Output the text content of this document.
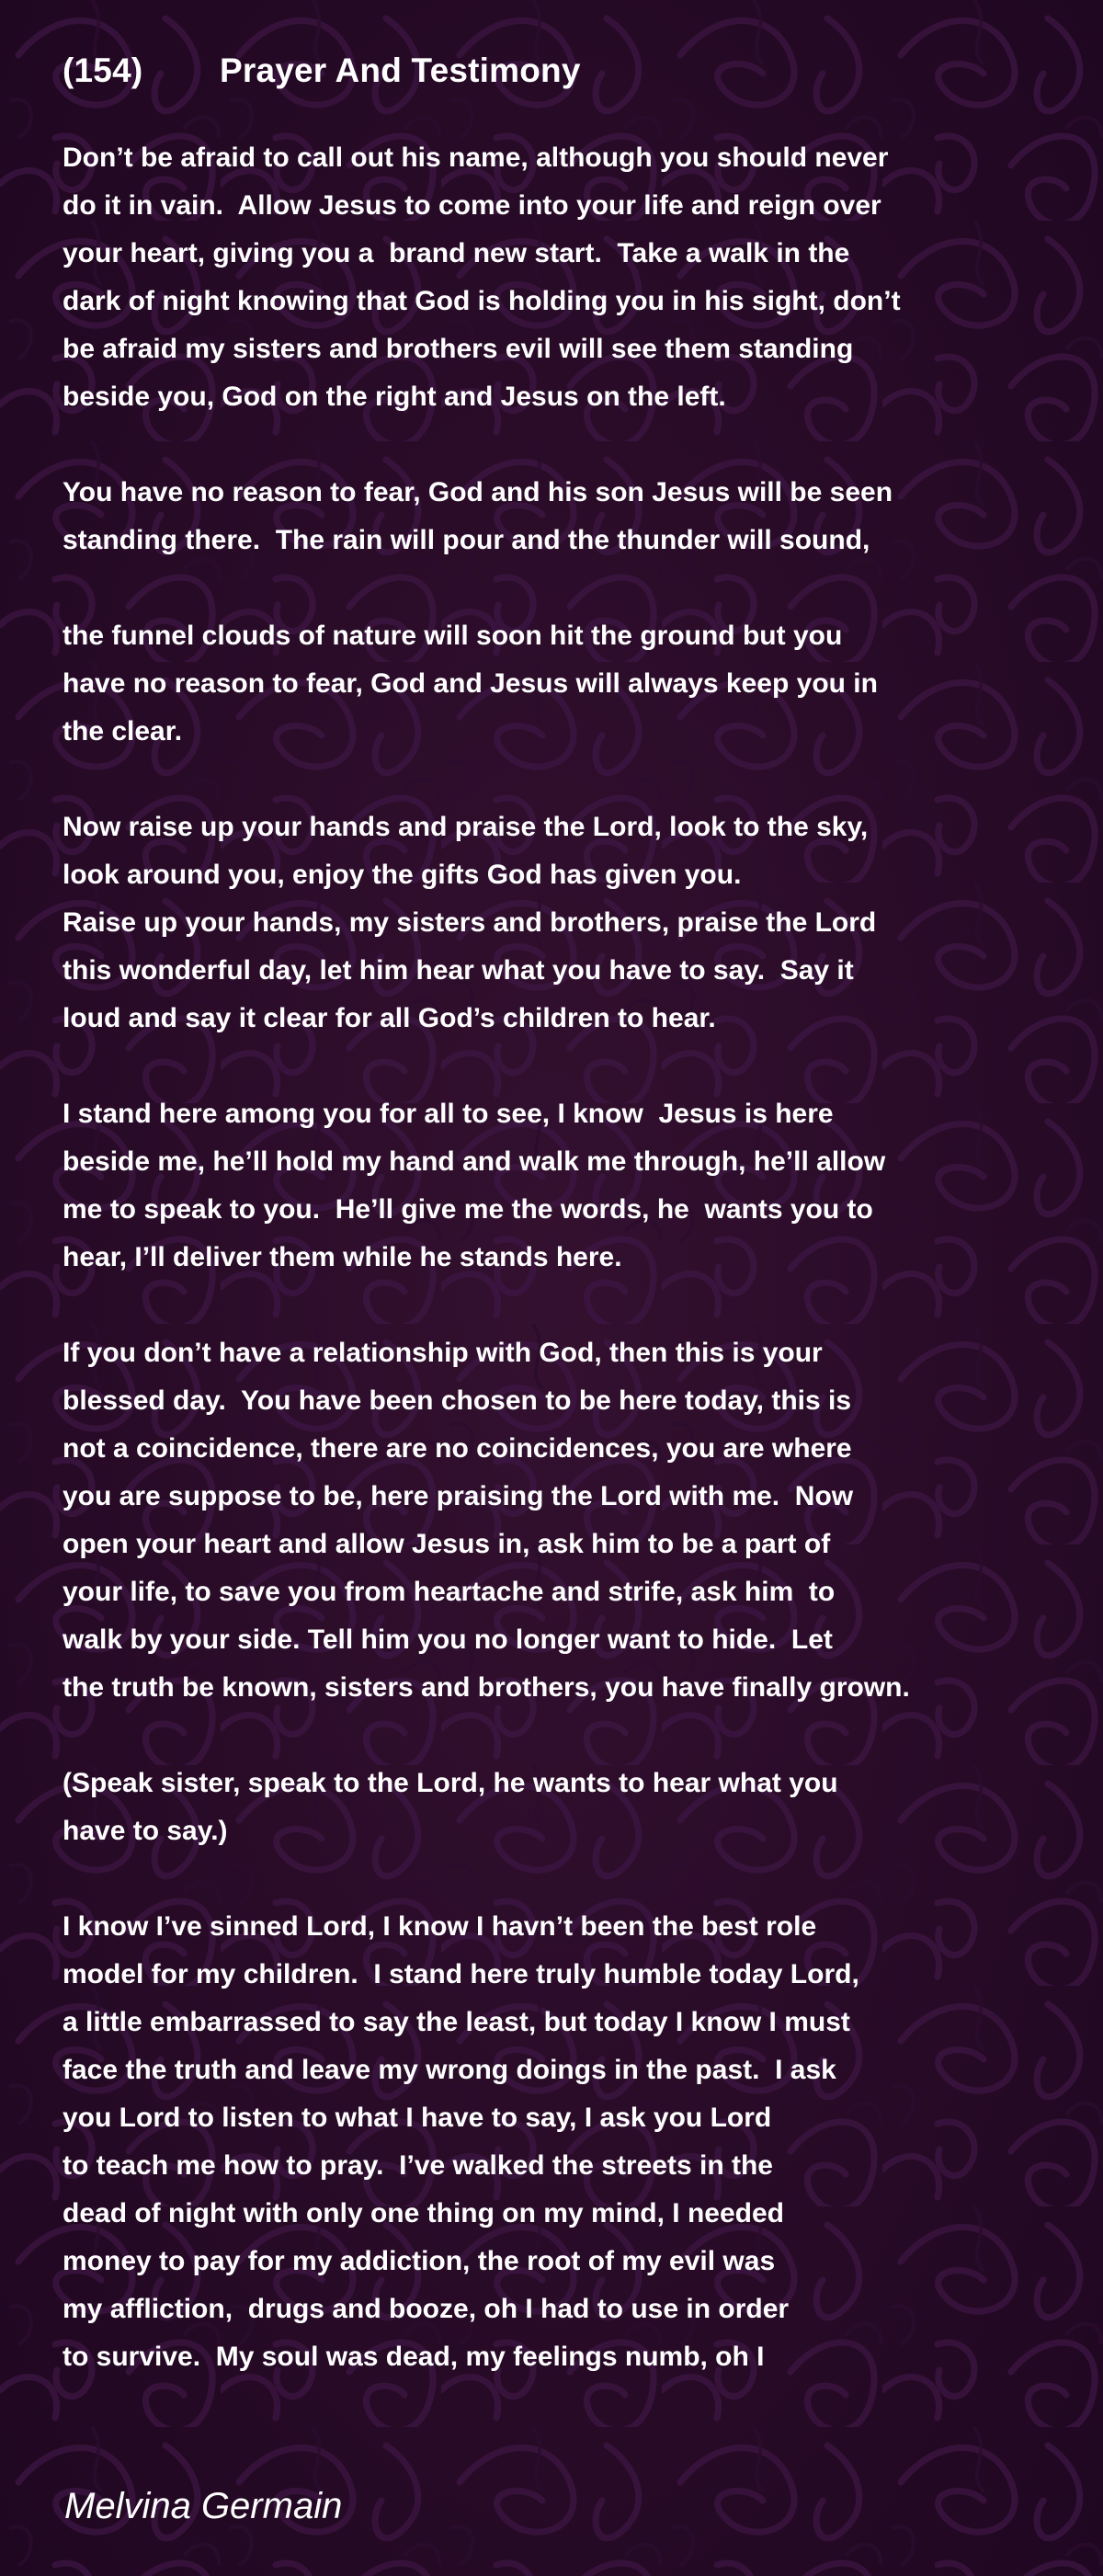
(154) Prayer And Testimony
Don’t be afraid to call out his name, although you should never
do it in vain.  Allow Jesus to come into your life and reign over
your heart, giving you a  brand new start.  Take a walk in the
dark of night knowing that God is holding you in his sight, don’t
be afraid my sisters and brothers evil will see them standing
beside you, God on the right and Jesus on the left.
You have no reason to fear, God and his son Jesus will be seen
standing there.  The rain will pour and the thunder will sound,
the funnel clouds of nature will soon hit the ground but you
have no reason to fear, God and Jesus will always keep you in
the clear.
Now raise up your hands and praise the Lord, look to the sky,
look around you, enjoy the gifts God has given you.
Raise up your hands, my sisters and brothers, praise the Lord
this wonderful day, let him hear what you have to say.  Say it
loud and say it clear for all God’s children to hear.
I stand here among you for all to see, I know  Jesus is here
beside me, he’ll hold my hand and walk me through, he’ll allow
me to speak to you.  He’ll give me the words, he  wants you to
hear, I’ll deliver them while he stands here.
If you don’t have a relationship with God, then this is your
blessed day.  You have been chosen to be here today, this is
not a coincidence, there are no coincidences, you are where
you are suppose to be, here praising the Lord with me.  Now
open your heart and allow Jesus in, ask him to be a part of
your life, to save you from heartache and strife, ask him  to
walk by your side. Tell him you no longer want to hide.  Let
the truth be known, sisters and brothers, you have finally grown.
(Speak sister, speak to the Lord, he wants to hear what you
have to say.)
I know I’ve sinned Lord, I know I havn’t been the best role
model for my children.  I stand here truly humble today Lord,
a little embarrassed to say the least, but today I know I must
face the truth and leave my wrong doings in the past.  I ask
you Lord to listen to what I have to say, I ask you Lord
to teach me how to pray.  I’ve walked the streets in the
dead of night with only one thing on my mind, I needed
money to pay for my addiction, the root of my evil was
my affliction,  drugs and booze, oh I had to use in order
to survive.  My soul was dead, my feelings numb, oh I
Melvina Germain
